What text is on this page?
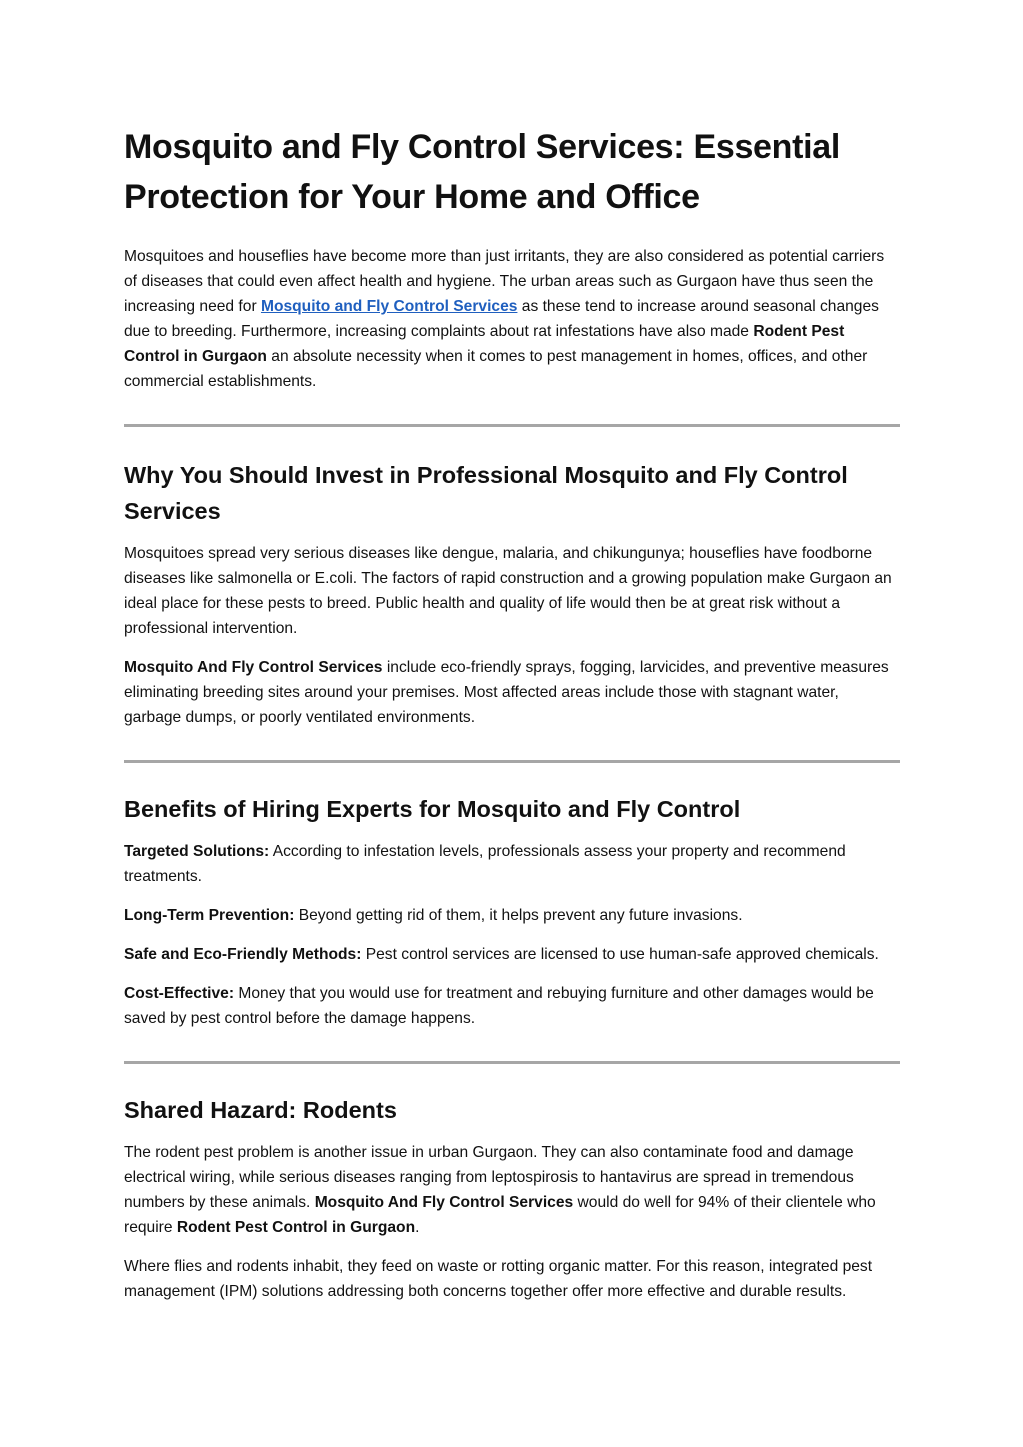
Mosquito and Fly Control Services: Essential Protection for Your Home and Office

Mosquitoes and houseflies have become more than just irritants, they are also considered as potential carriers of diseases that could even affect health and hygiene. The urban areas such as Gurgaon have thus seen the increasing need for Mosquito and Fly Control Services as these tend to increase around seasonal changes due to breeding. Furthermore, increasing complaints about rat infestations have also made Rodent Pest Control in Gurgaon an absolute necessity when it comes to pest management in homes, offices, and other commercial establishments.

Why You Should Invest in Professional Mosquito and Fly Control Services

Mosquitoes spread very serious diseases like dengue, malaria, and chikungunya; houseflies have foodborne diseases like salmonella or E.coli. The factors of rapid construction and a growing population make Gurgaon an ideal place for these pests to breed. Public health and quality of life would then be at great risk without a professional intervention.

Mosquito And Fly Control Services include eco-friendly sprays, fogging, larvicides, and preventive measures eliminating breeding sites around your premises. Most affected areas include those with stagnant water, garbage dumps, or poorly ventilated environments.

Benefits of Hiring Experts for Mosquito and Fly Control

Targeted Solutions: According to infestation levels, professionals assess your property and recommend treatments.

Long-Term Prevention: Beyond getting rid of them, it helps prevent any future invasions.

Safe and Eco-Friendly Methods: Pest control services are licensed to use human-safe approved chemicals.

Cost-Effective: Money that you would use for treatment and rebuying furniture and other damages would be saved by pest control before the damage happens.

Shared Hazard: Rodents

The rodent pest problem is another issue in urban Gurgaon. They can also contaminate food and damage electrical wiring, while serious diseases ranging from leptospirosis to hantavirus are spread in tremendous numbers by these animals. Mosquito And Fly Control Services would do well for 94% of their clientele who require Rodent Pest Control in Gurgaon.

Where flies and rodents inhabit, they feed on waste or rotting organic matter. For this reason, integrated pest management (IPM) solutions addressing both concerns together offer more effective and durable results.
